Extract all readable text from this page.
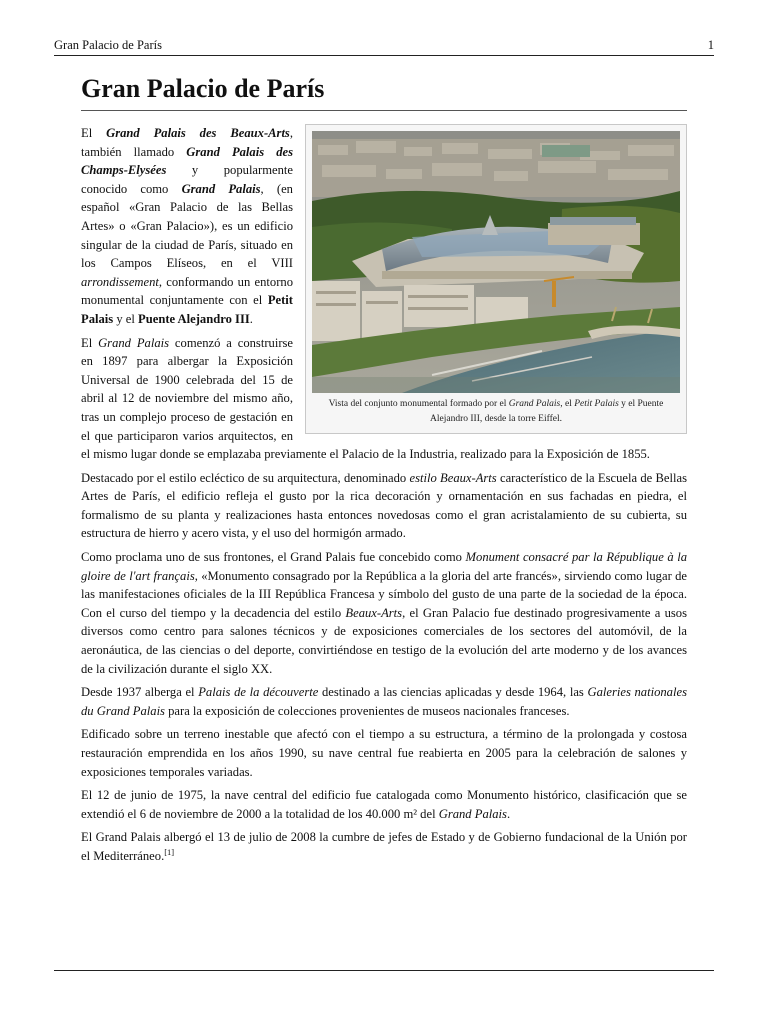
Gran Palacio de París	1
Gran Palacio de París
Vista del conjunto monumental formado por el Grand Palais, el Petit Palais y el Puente Alejandro III, desde la torre Eiffel.

El Grand Palais des Beaux-Arts, también llamado Grand Palais des Champs-Elysées y popularmente conocido como Grand Palais, (en español «Gran Palacio de las Bellas Artes» o «Gran Palacio»), es un edificio singular de la ciudad de París, situado en los Campos Elíseos, en el VIII arrondissement, conformando un entorno monumental conjuntamente con el Petit Palais y el Puente Alejandro III.

El Grand Palais comenzó a construirse en 1897 para albergar la Exposición Universal de 1900 celebrada del 15 de abril al 12 de noviembre del mismo año, tras un complejo proceso de gestación en el que participaron varios arquitectos, en el mismo lugar donde se emplazaba previamente el Palacio de la Industria, realizado para la Exposición de 1855.

Destacado por el estilo ecléctico de su arquitectura, denominado estilo Beaux-Arts característico de la Escuela de Bellas Artes de París, el edificio refleja el gusto por la rica decoración y ornamentación en sus fachadas en piedra, el formalismo de su planta y realizaciones hasta entonces novedosas como el gran acristalamiento de su cubierta, su estructura de hierro y acero vista, y el uso del hormigón armado.

Como proclama uno de sus frontones, el Grand Palais fue concebido como Monument consacré par la République à la gloire de l'art français, «Monumento consagrado por la República a la gloria del arte francés», sirviendo como lugar de las manifestaciones oficiales de la III República Francesa y símbolo del gusto de una parte de la sociedad de la época. Con el curso del tiempo y la decadencia del estilo Beaux-Arts, el Gran Palacio fue destinado progresivamente a usos diversos como centro para salones técnicos y de exposiciones comerciales de los sectores del automóvil, de la aeronáutica, de las ciencias o del deporte, convirtiéndose en testigo de la evolución del arte moderno y de los avances de la civilización durante el siglo XX.

Desde 1937 alberga el Palais de la découverte destinado a las ciencias aplicadas y desde 1964, las Galeries nationales du Grand Palais para la exposición de colecciones provenientes de museos nacionales franceses.

Edificado sobre un terreno inestable que afectó con el tiempo a su estructura, a término de la prolongada y costosa restauración emprendida en los años 1990, su nave central fue reabierta en 2005 para la celebración de salones y exposiciones temporales variadas.

El 12 de junio de 1975, la nave central del edificio fue catalogada como Monumento histórico, clasificación que se extendió el 6 de noviembre de 2000 a la totalidad de los 40.000 m² del Grand Palais.

El Grand Palais albergó el 13 de julio de 2008 la cumbre de jefes de Estado y de Gobierno fundacional de la Unión por el Mediterráneo.[1]
